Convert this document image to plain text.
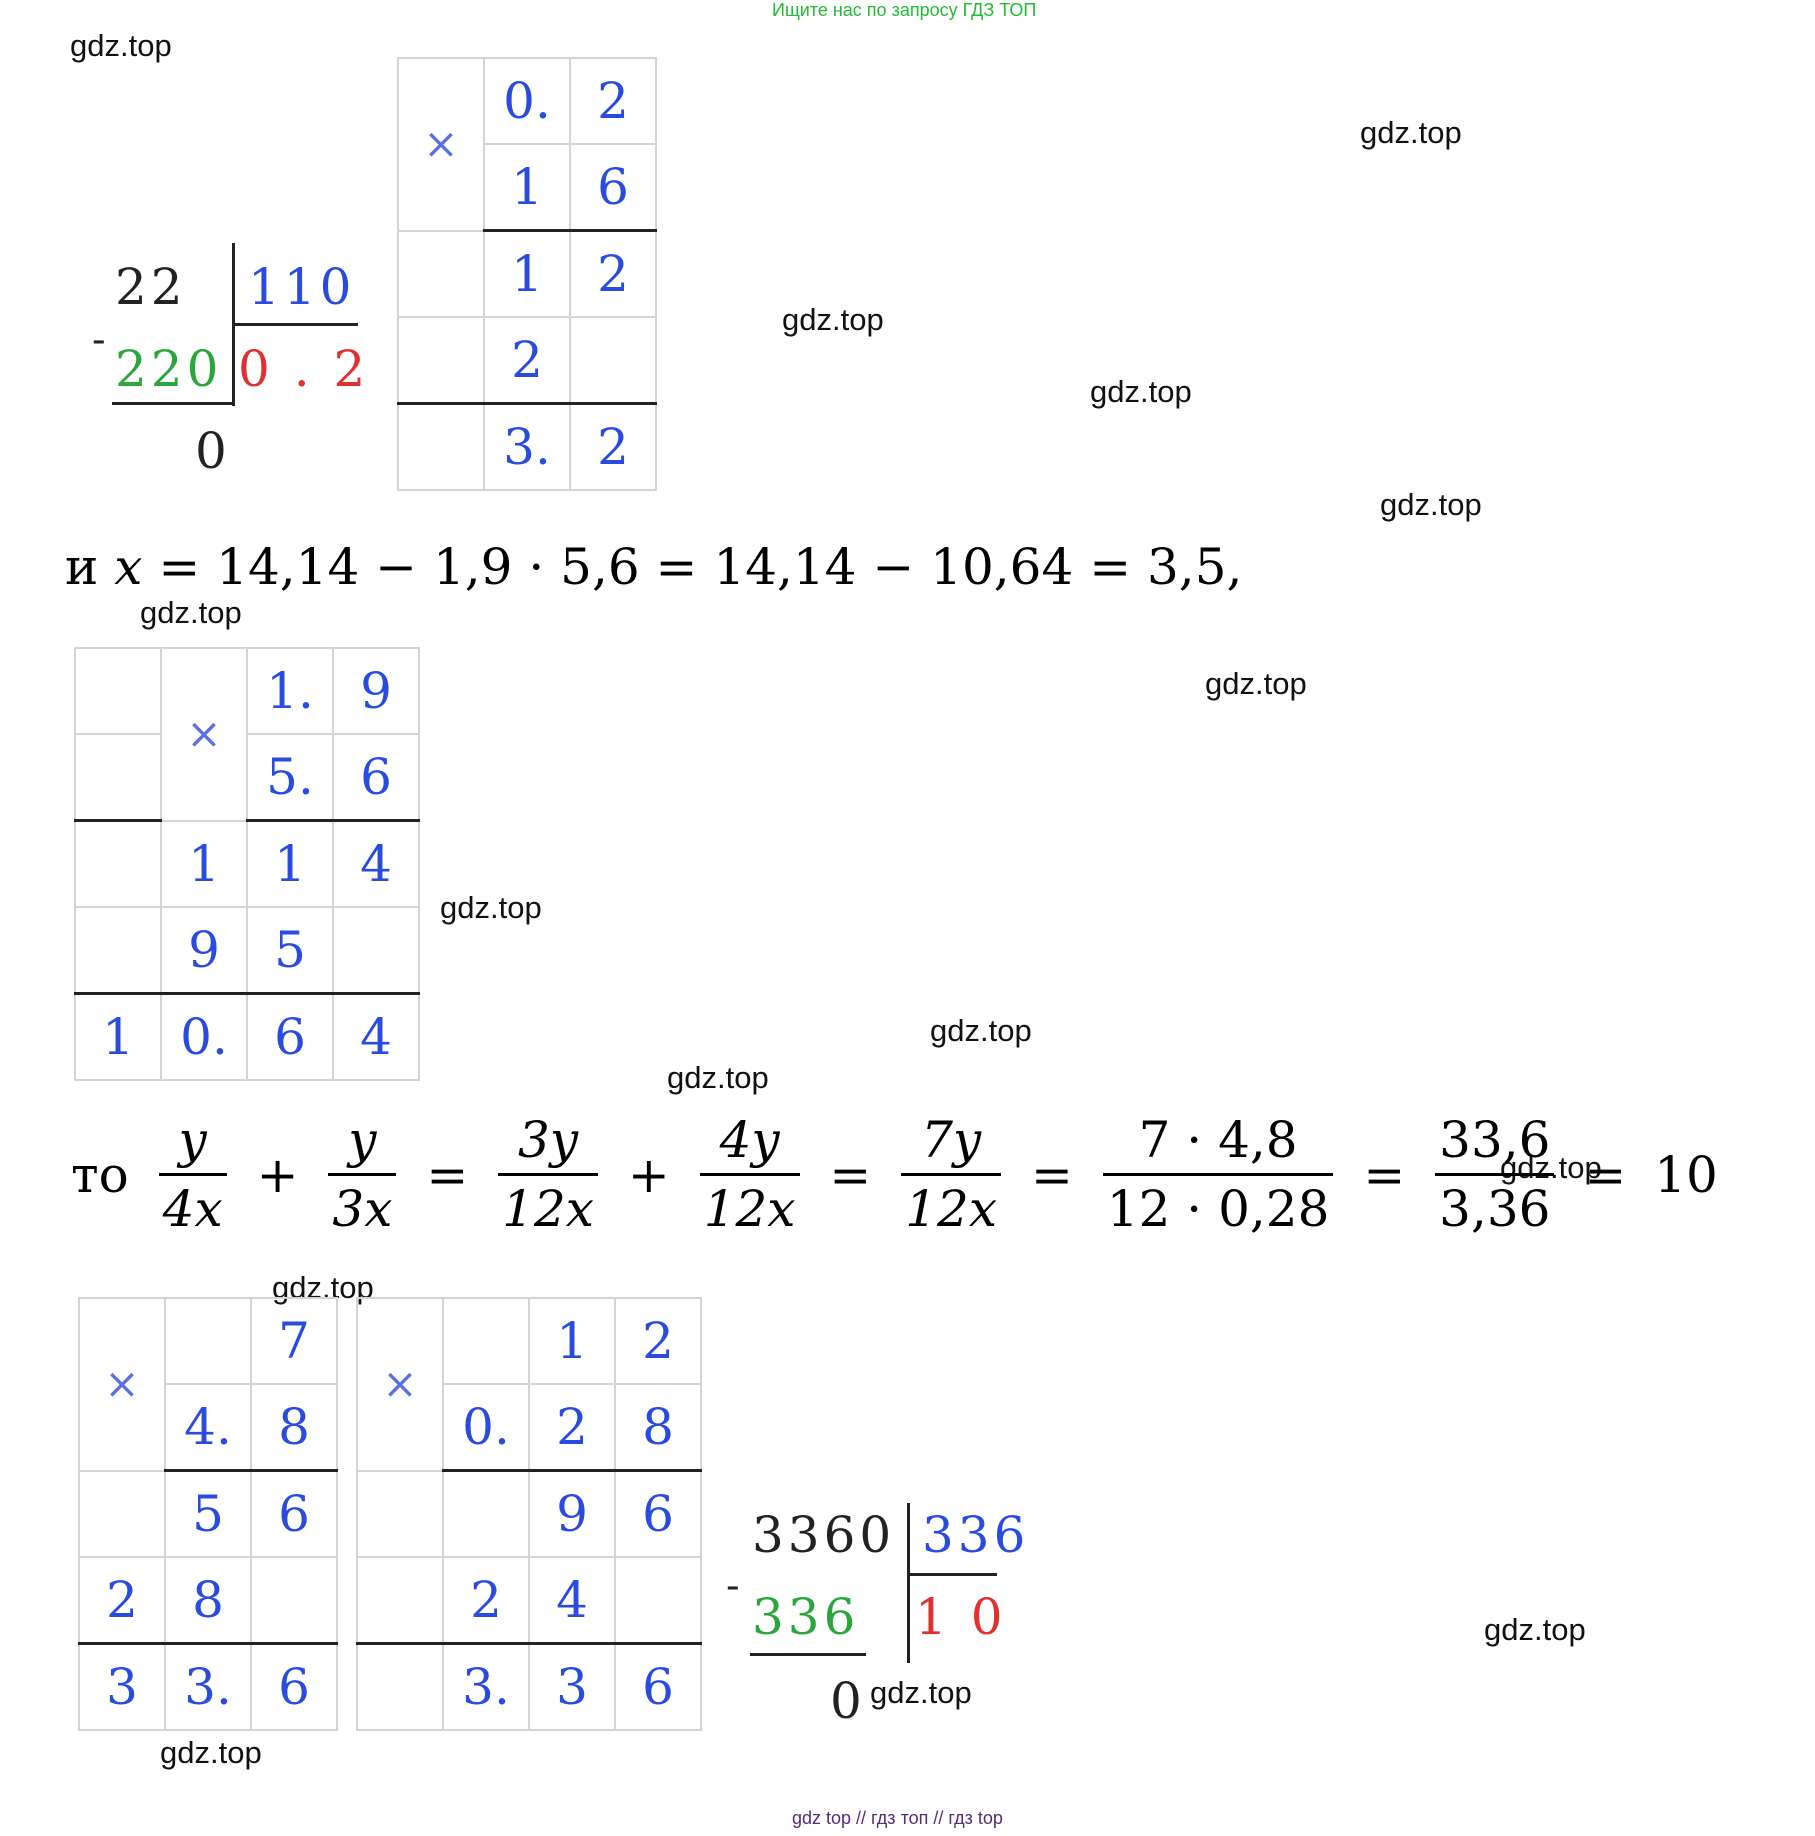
Ищите нас по запросу ГДЗ ТОП
gdz.top
gdz.top
gdz.top
gdz.top
gdz.top
gdz.top
gdz.top
gdz.top
gdz.top
gdz.top
gdz.top
gdz.top
gdz.top
gdz.top
gdz.top
22 110
- 220 0 . 2
0
×	0.	2
	1	6
	1	2
	2	
	3.	2
и x = 14,14 − 1,9 · 5,6 = 14,14 − 10,64 = 3,5,
	×	1.	9
		5.	6
	1	1	4
	9	5	
1	0.	6	4
то $\frac{y}{4x} + \frac{y}{3x} = \frac{3y}{12x} + \frac{4y}{12x} = \frac{7y}{12x} = \frac{7 \cdot 4,8}{12 \cdot 0,28} = \frac{33,6}{3,36} = 10$
×		7
	4.	8
	5	6
2	8	
3	3.	6
×		1	2
	0.	2	8
		9	6
	2	4	
	3.	3	6
3360 336
-
336 1 0
0
gdz top // гдз топ // гдз top
